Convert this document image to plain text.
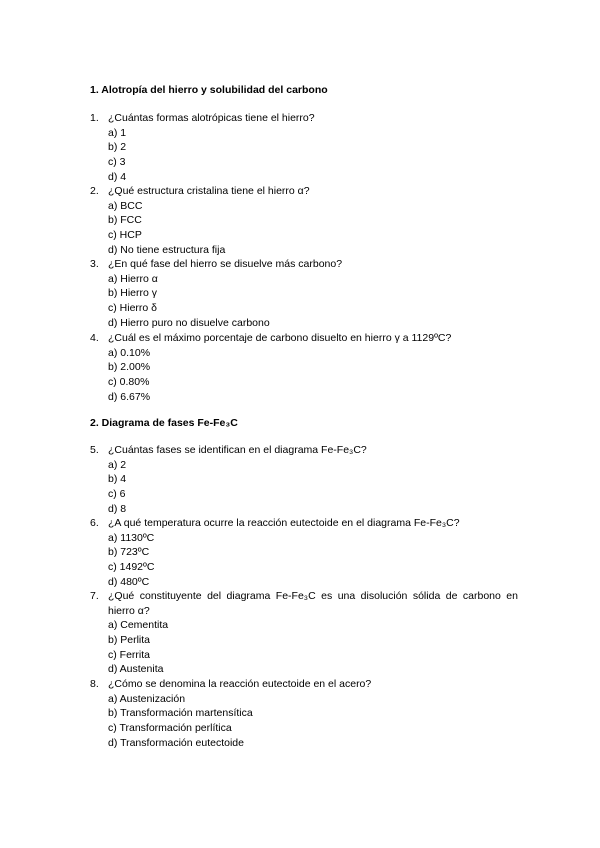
1. Alotropía del hierro y solubilidad del carbono
1. ¿Cuántas formas alotrópicas tiene el hierro?
a) 1
b) 2
c) 3
d) 4
2. ¿Qué estructura cristalina tiene el hierro α?
a) BCC
b) FCC
c) HCP
d) No tiene estructura fija
3. ¿En qué fase del hierro se disuelve más carbono?
a) Hierro α
b) Hierro γ
c) Hierro δ
d) Hierro puro no disuelve carbono
4. ¿Cuál es el máximo porcentaje de carbono disuelto en hierro γ a 1129ºC?
a) 0.10%
b) 2.00%
c) 0.80%
d) 6.67%
2. Diagrama de fases Fe-Fe₃C
5. ¿Cuántas fases se identifican en el diagrama Fe-Fe₃C?
a) 2
b) 4
c) 6
d) 8
6. ¿A qué temperatura ocurre la reacción eutectoide en el diagrama Fe-Fe₃C?
a) 1130ºC
b) 723ºC
c) 1492ºC
d) 480ºC
7. ¿Qué constituyente del diagrama Fe-Fe₃C es una disolución sólida de carbono en
hierro α?
a) Cementita
b) Perlita
c) Ferrita
d) Austenita
8. ¿Cómo se denomina la reacción eutectoide en el acero?
a) Austenización
b) Transformación martensítica
c) Transformación perlítica
d) Transformación eutectoide
